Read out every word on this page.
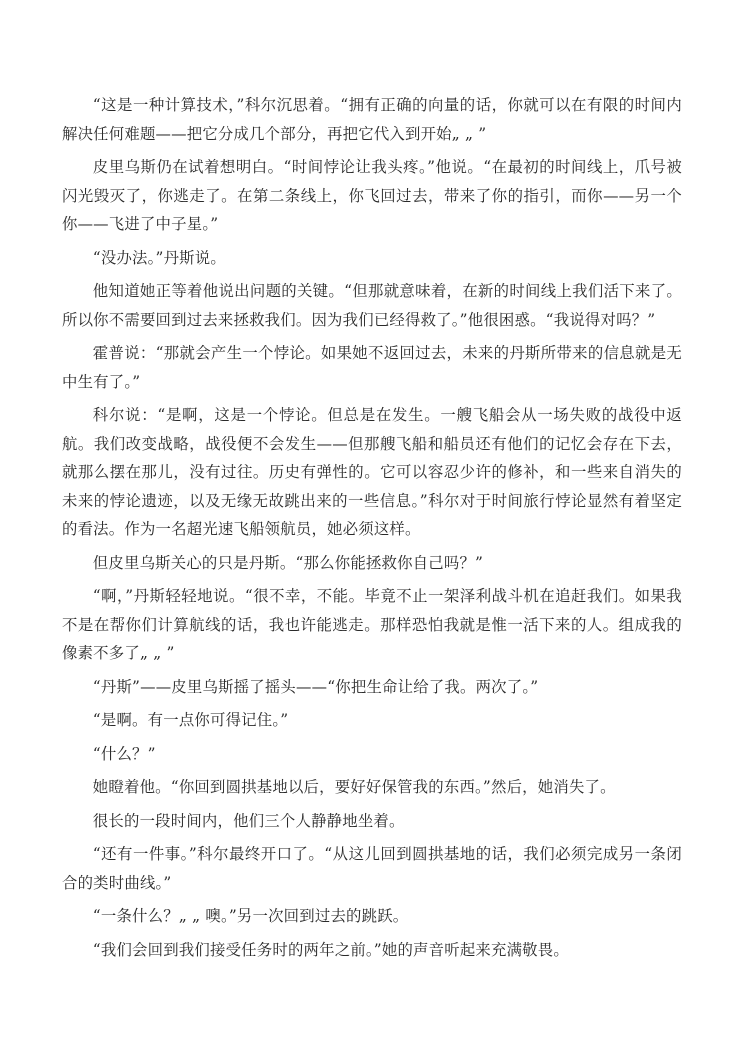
“这是一种计算技术，”科尔沉思着。“拥有正确的向量的话，你就可以在有限的时间内解决任何难题——把它分成几个部分，再把它代入到开始„ „ ”

皮里乌斯仍在试着想明白。“时间悖论让我头疼。”他说。“在最初的时间线上，爪号被闪光毁灭了，你逃走了。在第二条线上，你飞回过去，带来了你的指引，而你——另一个你——飞进了中子星。”

“没办法。”丹斯说。

他知道她正等着他说出问题的关键。“但那就意味着，在新的时间线上我们活下来了。所以你不需要回到过去来拯救我们。因为我们已经得救了。”他很困惑。“我说得对吗？”

霍普说：“那就会产生一个悖论。如果她不返回过去，未来的丹斯所带来的信息就是无中生有了。”

科尔说：“是啊，这是一个悖论。但总是在发生。一艘飞船会从一场失败的战役中返航。我们改变战略，战役便不会发生——但那艘飞船和船员还有他们的记忆会存在下去，就那么摆在那儿，没有过往。历史有弹性的。它可以容忍少许的修补，和一些来自消失的未来的悖论遗迹，以及无缘无故跳出来的一些信息。”科尔对于时间旅行悖论显然有着坚定的看法。作为一名超光速飞船领航员，她必须这样。

但皮里乌斯关心的只是丹斯。“那么你能拯救你自己吗？”

“啊，”丹斯轻轻地说。“很不幸，不能。毕竟不止一架泽利战斗机在追赶我们。如果我不是在帮你们计算航线的话，我也许能逃走。那样恐怕我就是惟一活下来的人。组成我的像素不多了„ „ ”

“丹斯”——皮里乌斯摇了摇头——“你把生命让给了我。两次了。”

“是啊。有一点你可得记住。”

“什么？”

她瞪着他。“你回到圆拱基地以后，要好好保管我的东西。”然后，她消失了。

很长的一段时间内，他们三个人静静地坐着。

“还有一件事。”科尔最终开口了。“从这儿回到圆拱基地的话，我们必须完成另一条闭合的类时曲线。”

“一条什么？„ „ 噢。”另一次回到过去的跳跃。

“我们会回到我们接受任务时的两年之前。”她的声音听起来充满敬畏。
